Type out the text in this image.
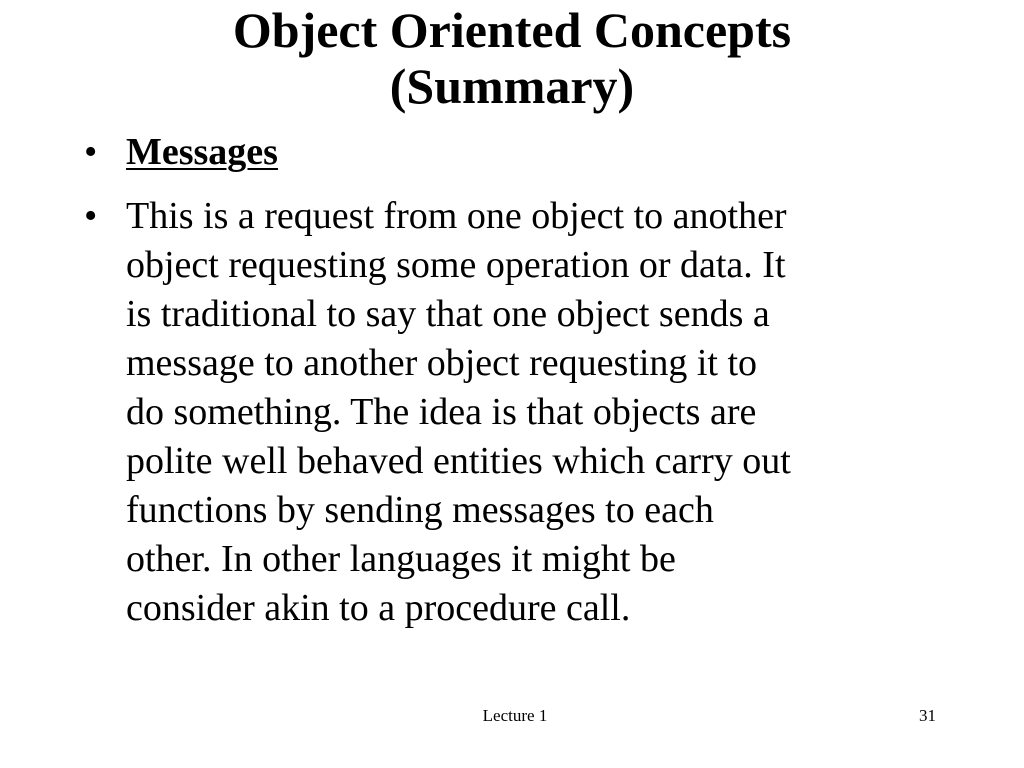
Object Oriented Concepts
(Summary)
• Messages
• This is a request from one object to another
object requesting some operation or data. It
is traditional to say that one object sends a
message to another object requesting it to
do something. The idea is that objects are
polite well behaved entities which carry out
functions by sending messages to each
other. In other languages it might be
consider akin to a procedure call.
Lecture 1	31
